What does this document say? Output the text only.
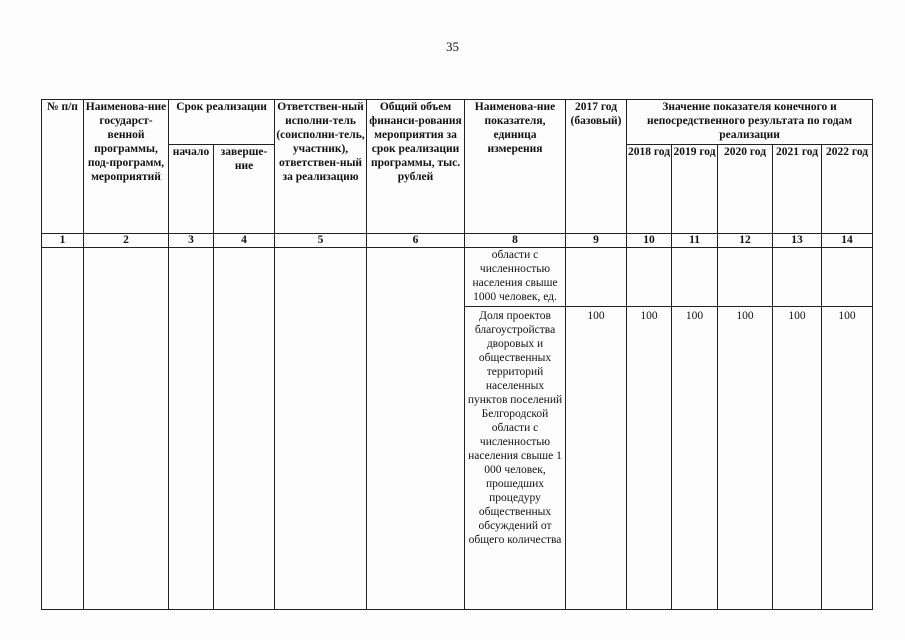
35
№ п/п	Наименова-ние государст-венной программы, под-программ, мероприятий	Срок реализации		Ответствен-ный исполни-тель (соисполни-тель, участник), ответствен-ный за реализацию	Общий объем финанси-рования мероприятия за срок реализации программы, тыс. рублей	Наименова-ние показателя, единица измерения	2017 год (базовый)	Значение показателя конечного и непосредственного результата по годам реализации				
		начало	заверше-ние					2018 год	2019 год	2020 год	2021 год	2022 год
1	2	3	4	5	6	8	9	10	11	12	13	14
						области с численностью населения свыше 1000 человек, ед.						
						Доля проектов благоустройства дворовых и общественных территорий населенных пунктов поселений Белгородской области с численностью населения свыше 1 000 человек, прошедших процедуру общественных обсуждений от общего количества	100	100	100	100	100	100
